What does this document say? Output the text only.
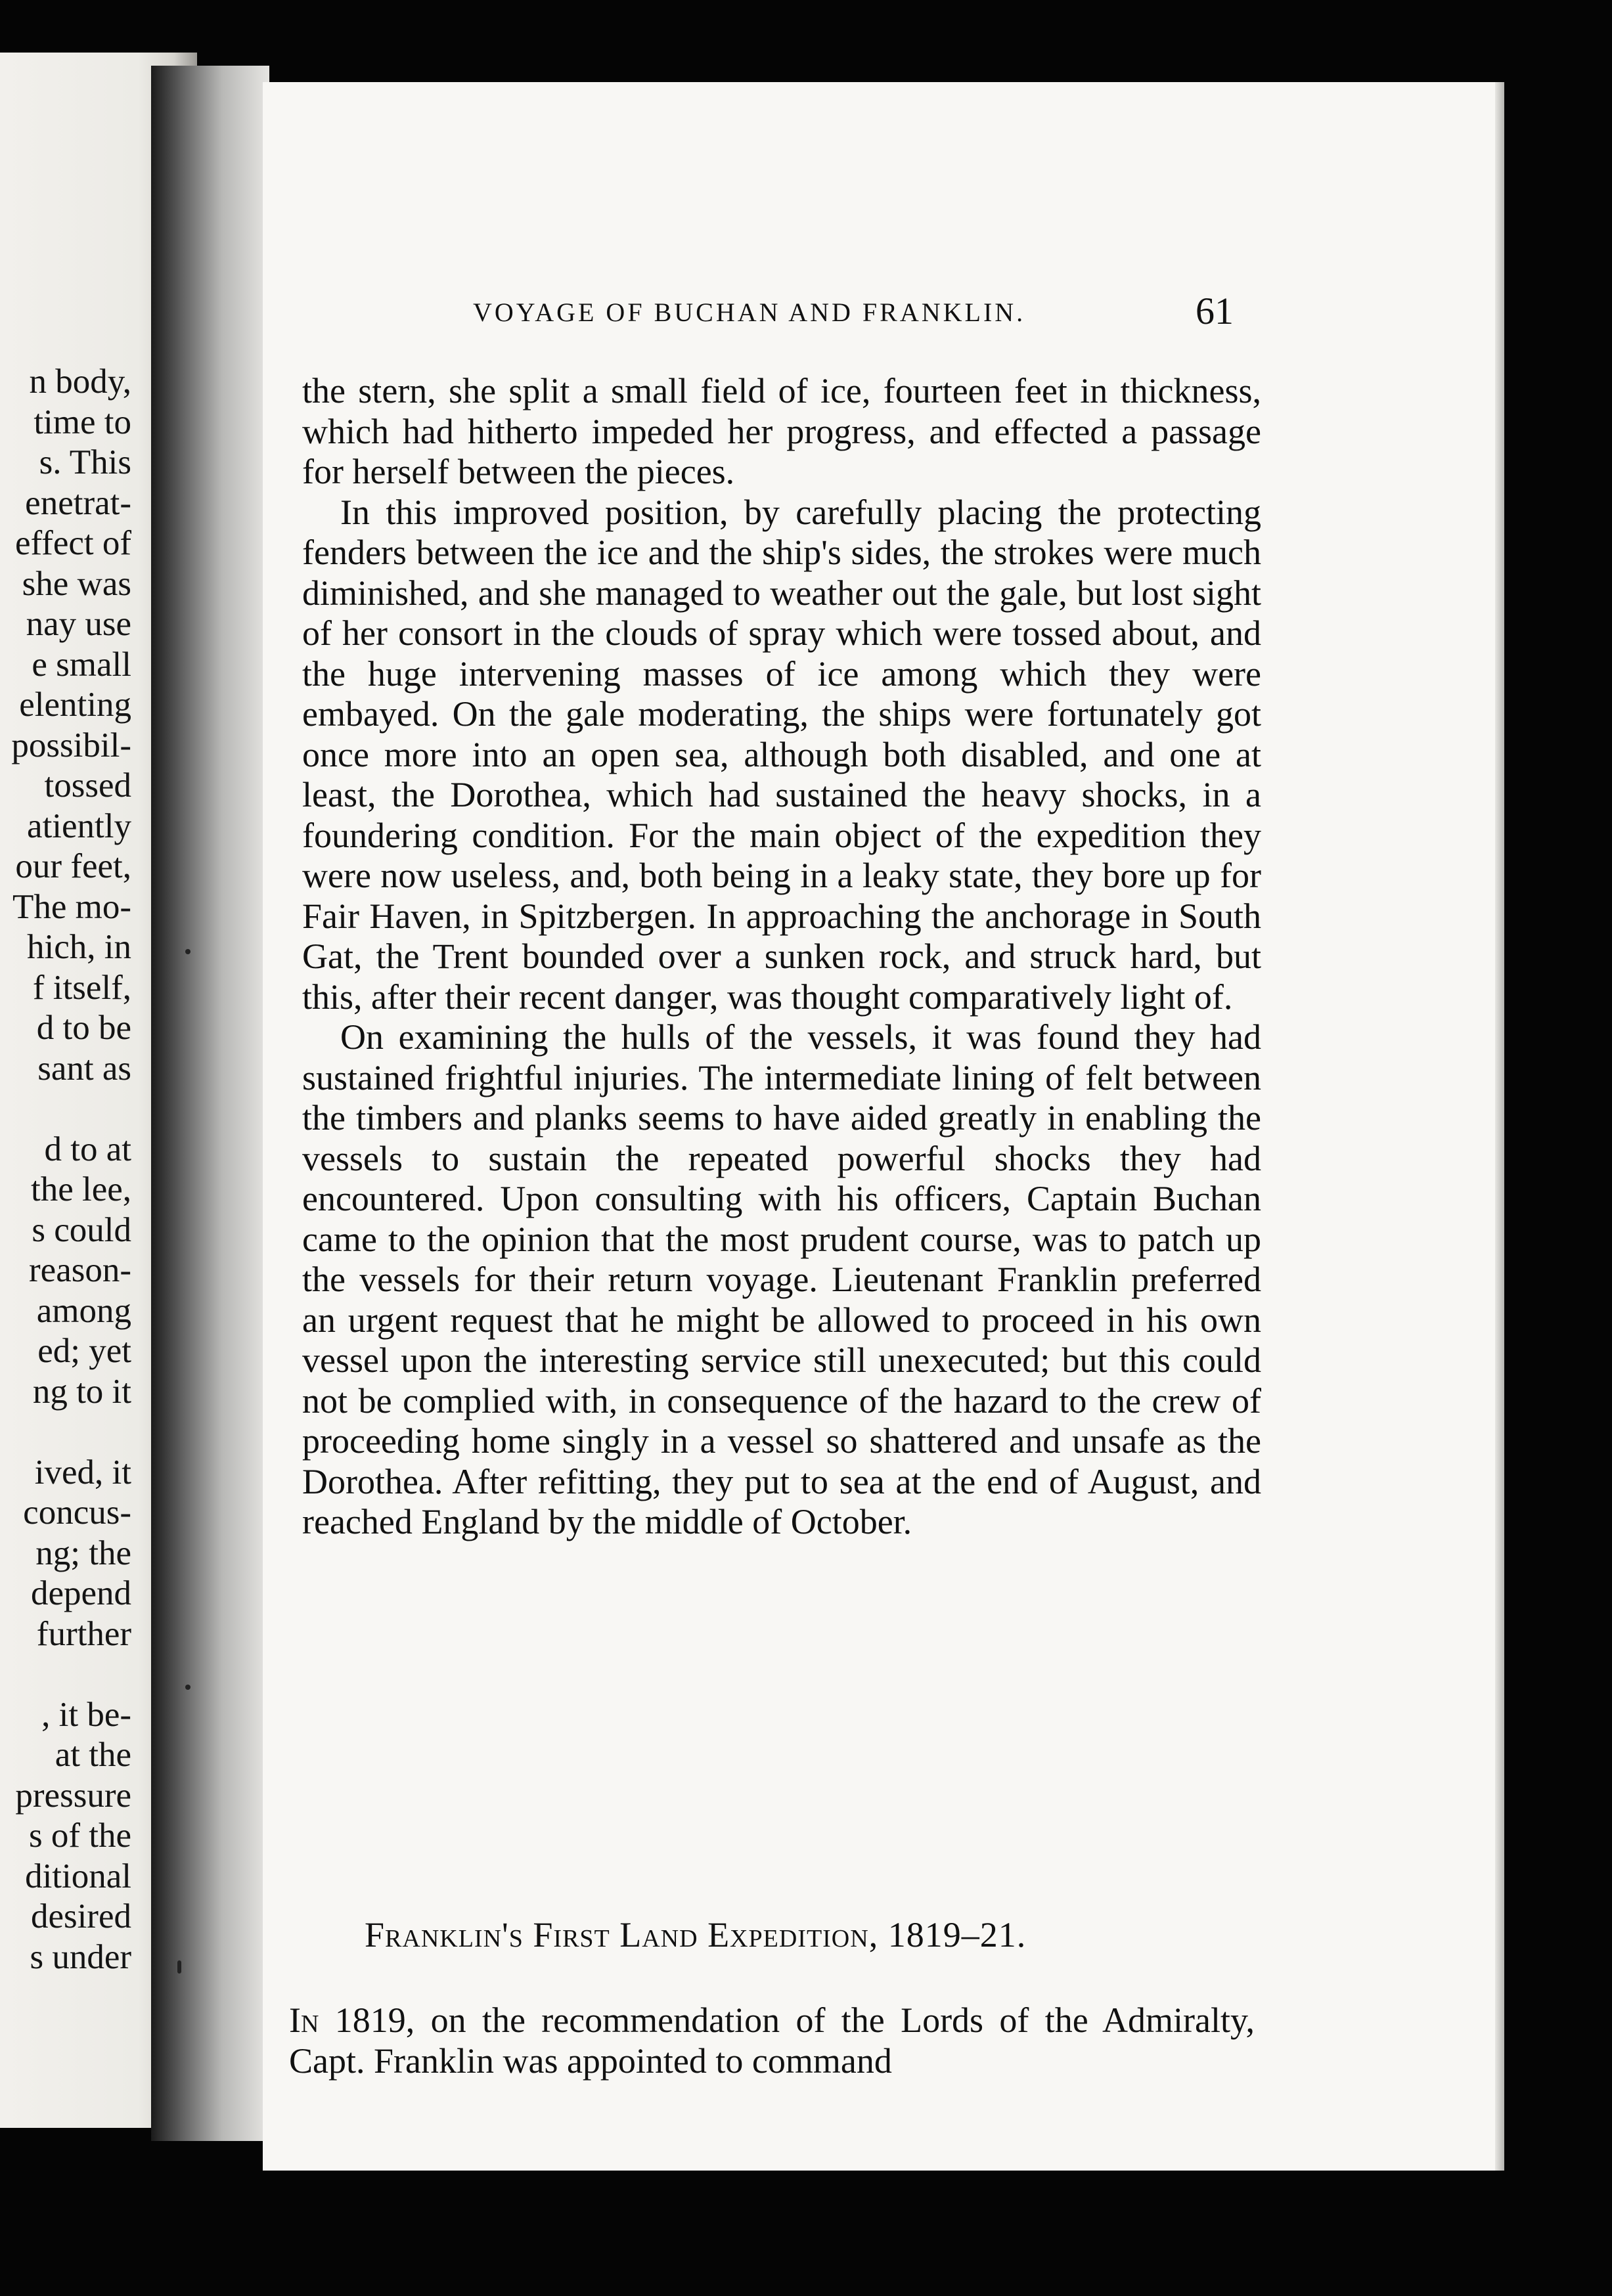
n body,
time to
s. This
enetrat-
effect of
she was
nay use
e small
elenting
possibil-
tossed
atiently
our feet,
The mo-
hich, in
f itself,
d to be
sant as
d to at
the lee,
s could
reason-
among
ed; yet
ng to it
ived, it
concus-
ng; the
depend
further
, it be-
at the
pressure
s of the
ditional
desired
s under
VOYAGE OF BUCHAN AND FRANKLIN.	61

the stern, she split a small field of ice, fourteen feet in thickness, which had hitherto impeded her progress, and effected a passage for herself between the pieces.

In this improved position, by carefully placing the protecting fenders between the ice and the ship's sides, the strokes were much diminished, and she managed to weather out the gale, but lost sight of her consort in the clouds of spray which were tossed about, and the huge intervening masses of ice among which they were embayed. On the gale moderating, the ships were fortunately got once more into an open sea, although both disabled, and one at least, the Dorothea, which had sustained the heavy shocks, in a foundering condition. For the main object of the expedition they were now useless, and, both being in a leaky state, they bore up for Fair Haven, in Spitzbergen. In approaching the anchorage in South Gat, the Trent bounded over a sunken rock, and struck hard, but this, after their recent danger, was thought comparatively light of.

On examining the hulls of the vessels, it was found they had sustained frightful injuries. The intermediate lining of felt between the timbers and planks seems to have aided greatly in enabling the vessels to sustain the repeated powerful shocks they had encountered. Upon consulting with his officers, Captain Buchan came to the opinion that the most prudent course, was to patch up the vessels for their return voyage. Lieutenant Franklin preferred an urgent request that he might be allowed to proceed in his own vessel upon the interesting service still unexecuted; but this could not be complied with, in consequence of the hazard to the crew of proceeding home singly in a vessel so shattered and unsafe as the Dorothea. After refitting, they put to sea at the end of August, and reached England by the middle of October.

Franklin's First Land Expedition, 1819–21.
In 1819, on the recommendation of the Lords of the Admiralty, Capt. Franklin was appointed to command
